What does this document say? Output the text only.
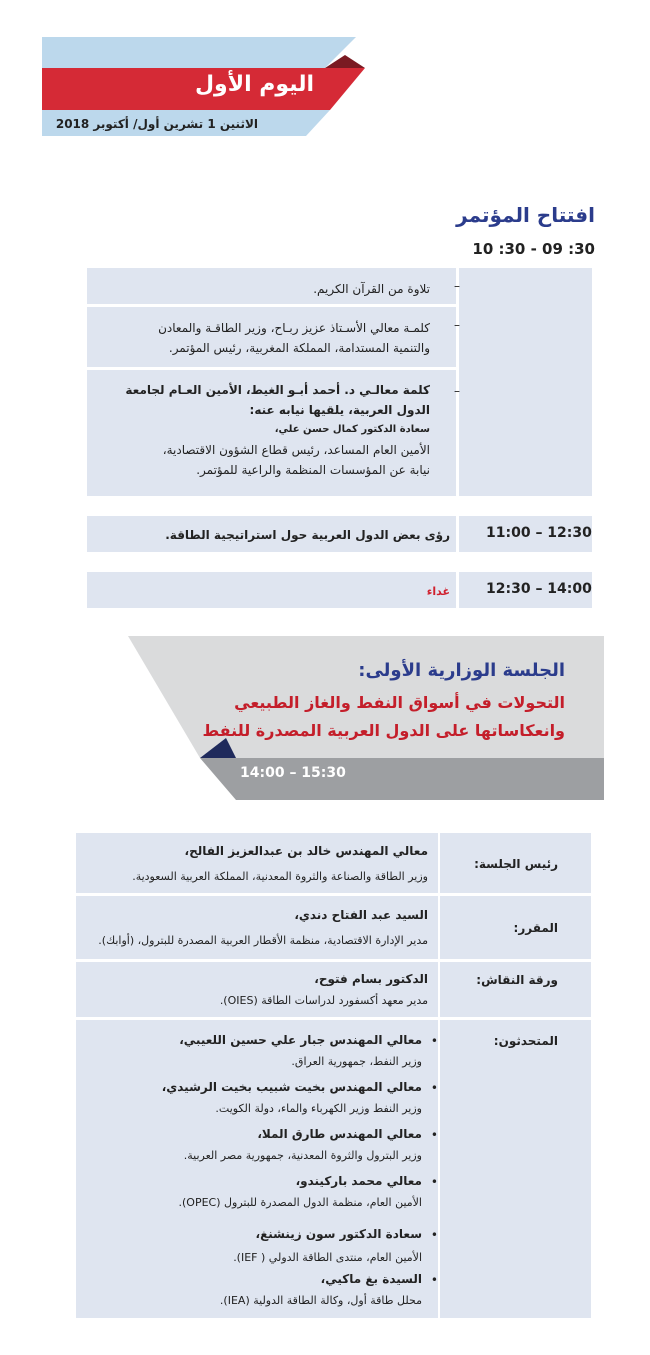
اليوم الأول
الاثنين 1 تشرين أول/ أكتوبر 2018
افتتاح المؤتمر
10 :30 - 09 :30
–
تلاوة من القرآن الكريم.
–
كلمـة معالي الأسـتاذ عزيز ربـاح، وزير الطاقـة والمعادن
والتنمية المستدامة، المملكة المغربية، رئيس المؤتمر.
–
كلمة معالـي د. أحمد أبـو الغيط، الأمين العـام لجامعة
الدول العربية، يلقيها نيابه عنه:
سعادة الدكتور كمال حسن علي،
الأمين العام المساعد، رئيس قطاع الشؤون الاقتصادية،
نيابة عن المؤسسات المنظمة والراعية للمؤتمر.
11:00 – 12:30
رؤى بعض الدول العربية حول استراتيجية الطاقة.
12:30 – 14:00
غداء
الجلسة الوزارية الأولى:
التحولات في أسواق النفط والغاز الطبيعي
وانعكاساتها على الدول العربية المصدرة للنفط
14:00 – 15:30
رئيس الجلسة:
معالي المهندس خالد بن عبدالعزيز الفالح،
وزير الطاقة والصناعة والثروة المعدنية، المملكة العربية السعودية.
المقرر:
السيد عبد الفتاح دندي،
مدير الإدارة الاقتصادية، منظمة الأقطار العربية المصدرة للبترول، (أوابك).
ورقة النقاش:
الدكتور بسام فتوح،
مدير معهد أكسفورد لدراسات الطاقة (OIES).
المتحدثون:
•
معالي المهندس جبار علي حسين اللعيبي،
وزير النفط، جمهورية العراق.
•
معالي المهندس بخيت شبيب بخيت الرشيدي،
وزير النفط وزير الكهرباء والماء، دولة الكويت.
•
معالي المهندس طارق الملا،
وزير البترول والثروة المعدنية، جمهورية مصر العربية.
•
معالي محمد باركيندو،
الأمين العام، منظمة الدول المصدرة للبترول (OPEC).
•
سعادة الدكتور سون زينشنغ،
الأمين العام، منتدى الطاقة الدولي ( IEF).
•
السيدة بغ ماكيي،
محلل طاقة أول، وكالة الطاقة الدولية (IEA).
